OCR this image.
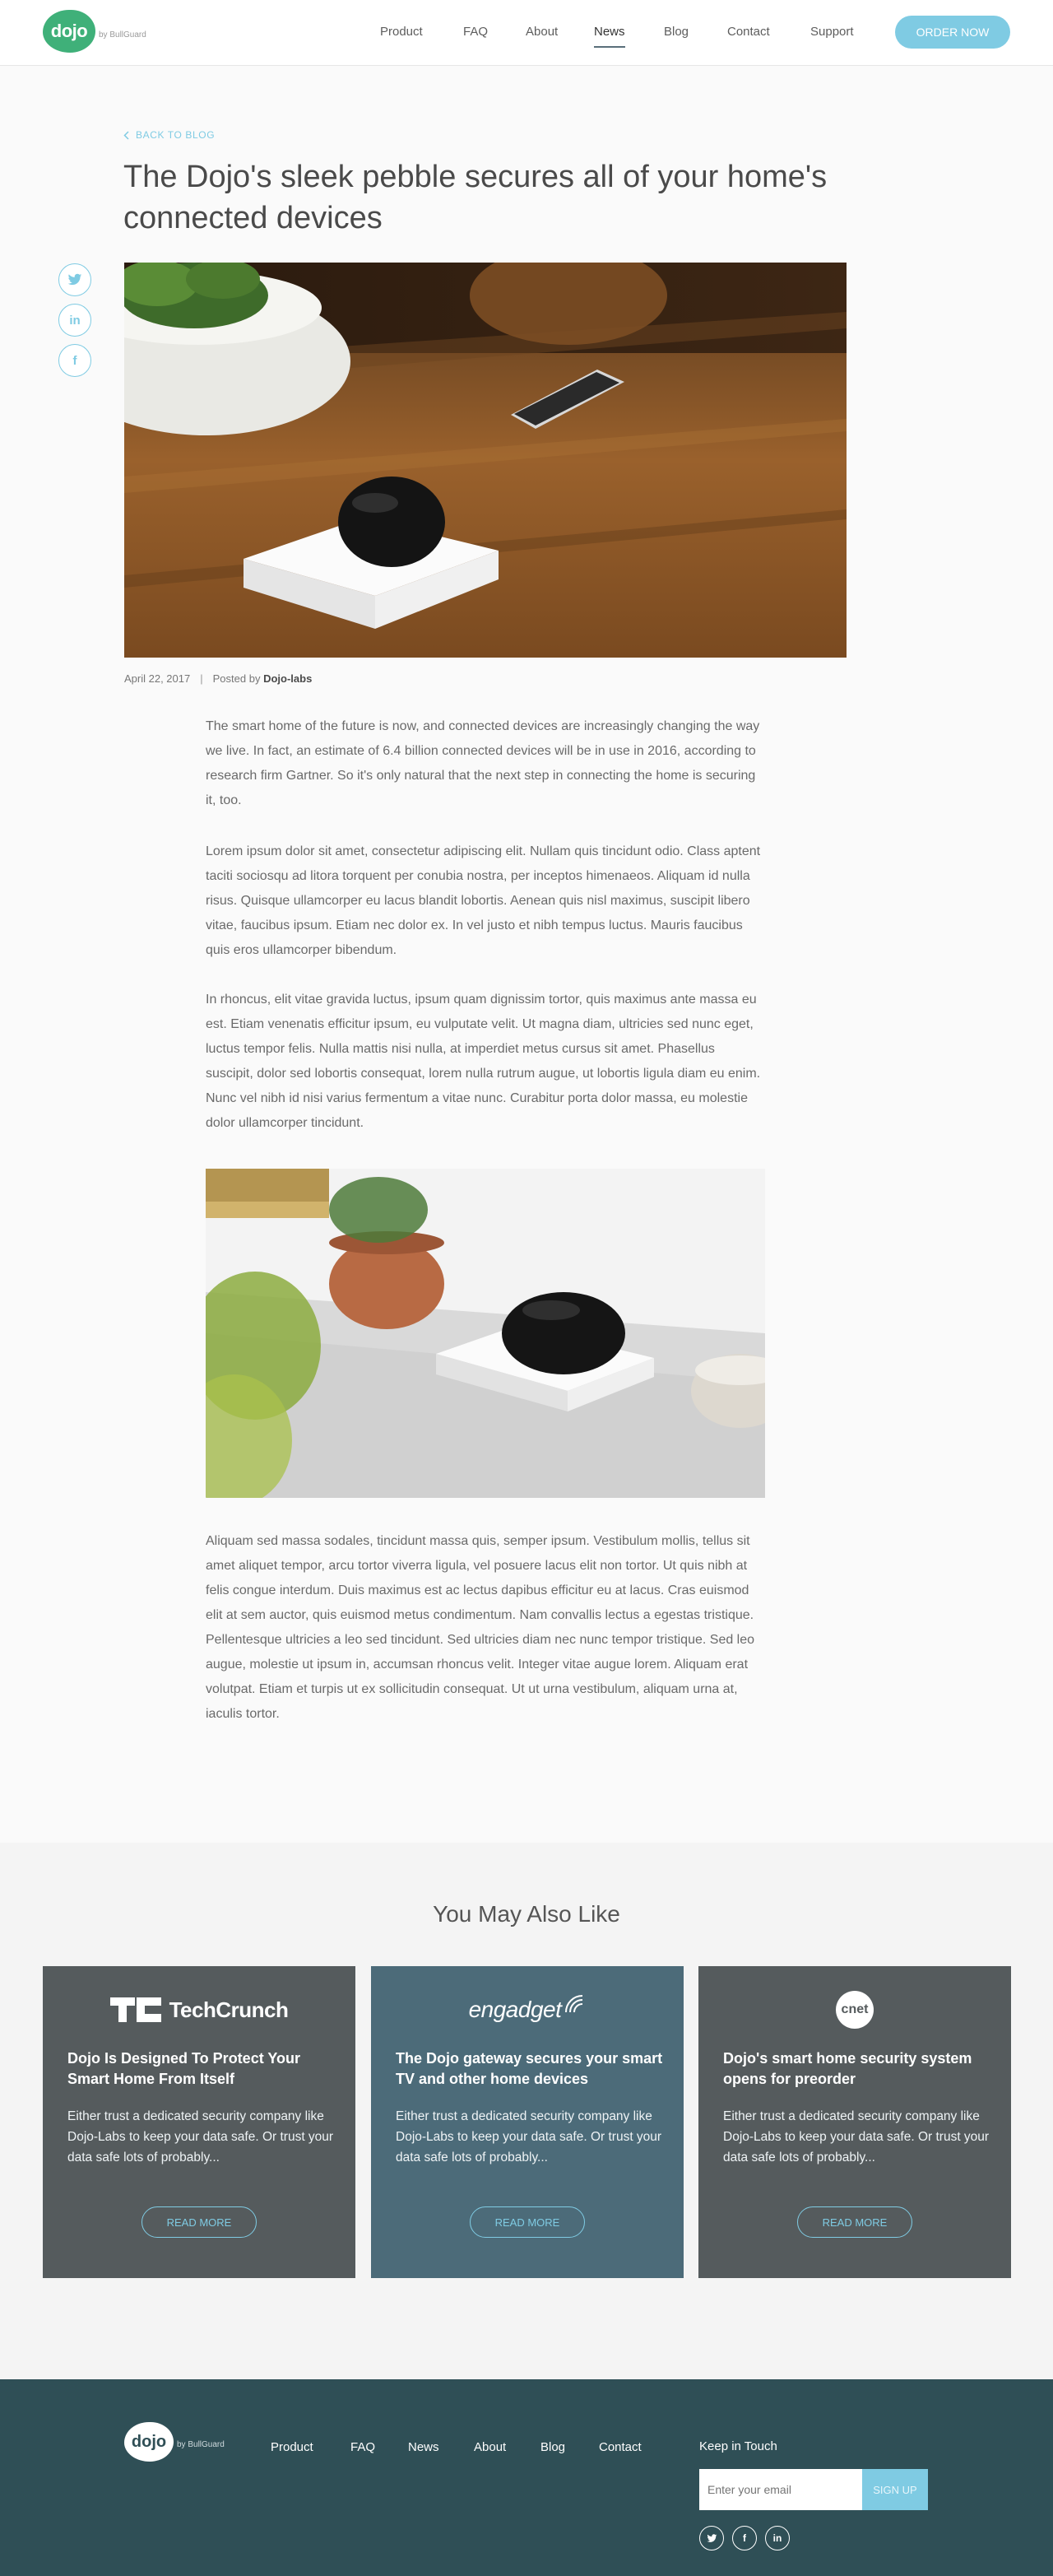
dojo	by BullGuard	Product	FAQ	About	News	Blog	Contact	Support	ORDER NOW
BACK TO BLOG
The Dojo's sleek pebble secures all of your home's connected devices
in
f
April 22, 2017 | Posted by Dojo-labs

The smart home of the future is now, and connected devices are increasingly changing the way we live. In fact, an estimate of 6.4 billion connected devices will be in use in 2016, according to research firm Gartner. So it's only natural that the next step in connecting the home is securing it, too.

Lorem ipsum dolor sit amet, consectetur adipiscing elit. Nullam quis tincidunt odio. Class aptent taciti sociosqu ad litora torquent per conubia nostra, per inceptos himenaeos. Aliquam id nulla risus. Quisque ullamcorper eu lacus blandit lobortis. Aenean quis nisl maximus, suscipit libero vitae, faucibus ipsum. Etiam nec dolor ex. In vel justo et nibh tempus luctus. Mauris faucibus quis eros ullamcorper bibendum.

In rhoncus, elit vitae gravida luctus, ipsum quam dignissim tortor, quis maximus ante massa eu est. Etiam venenatis efficitur ipsum, eu vulputate velit. Ut magna diam, ultricies sed nunc eget, luctus tempor felis. Nulla mattis nisi nulla, at imperdiet metus cursus sit amet. Phasellus suscipit, dolor sed lobortis consequat, lorem nulla rutrum augue, ut lobortis ligula diam eu enim. Nunc vel nibh id nisi varius fermentum a vitae nunc. Curabitur porta dolor massa, eu molestie dolor ullamcorper tincidunt.

Aliquam sed massa sodales, tincidunt massa quis, semper ipsum. Vestibulum mollis, tellus sit amet aliquet tempor, arcu tortor viverra ligula, vel posuere lacus elit non tortor. Ut quis nibh at felis congue interdum. Duis maximus est ac lectus dapibus efficitur eu at lacus. Cras euismod elit at sem auctor, quis euismod metus condimentum. Nam convallis lectus a egestas tristique. Pellentesque ultricies a leo sed tincidunt. Sed ultricies diam nec nunc tempor tristique. Sed leo augue, molestie ut ipsum in, accumsan rhoncus velit. Integer vitae augue lorem. Aliquam erat volutpat. Etiam et turpis ut ex sollicitudin consequat. Ut ut urna vestibulum, aliquam urna at, iaculis tortor.

You May Also Like
TechCrunch
Dojo Is Designed To Protect Your Smart Home From Itself
Either trust a dedicated security company like Dojo-Labs to keep your data safe. Or trust your data safe lots of probably...
READ MORE
engadget
The Dojo gateway secures your smart TV and other home devices
Either trust a dedicated security company like Dojo-Labs to keep your data safe. Or trust your data safe lots of probably...
READ MORE
cnet
Dojo's smart home security system opens for preorder
Either trust a dedicated security company like Dojo-Labs to keep your data safe. Or trust your data safe lots of probably...
READ MORE
dojo	by BullGuard	Product	FAQ	News	About	Blog	Contact	Keep in Touch
Enter your email
SIGN UP
f	in
